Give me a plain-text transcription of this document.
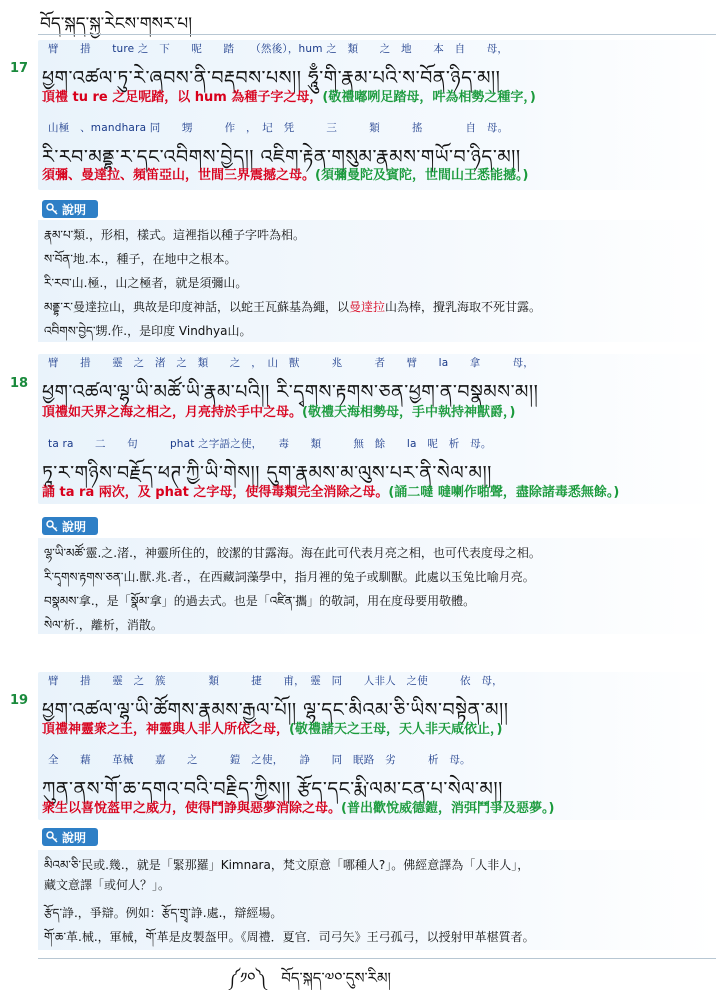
བོད་སྐད་སྐྱ་རེངས་གསར་པ།
17
臂　　措　　ture 之　下　　呢　　踏　　（然後），hum 之　類　　之　地　　本　自　　母，
ཕྱག་འཚལ་ཏུ་རེ་ཞབས་ནི་བརྡབས་པས།། ཧཱུྃ་གི་རྣམ་པའི་ས་བོན་ཉིད་མ།།
頂禮 tu re 之足呢踏，以 hum 為種子字之母，(敬禮嘟咧足踏母，吽為相勢之種字，)
山極　、mandhara 同　　甥　　　作　，　圮　凭　　　三　　　類　　　搖　　　　自　母。
རི་རབ་མནྡྷ་ར་དང་འབིགས་བྱེད།། འཇིག་རྟེན་གསུམ་རྣམས་གཡོ་བ་ཉིད་མ།།
須彌、曼達拉、頻笛亞山，世間三界震撼之母。(須彌曼陀及賓陀，世間山王悉能撼。)
說明
རྣམ་པ་類.，形相，樣式。這裡指以種子字吽為相。
ས་བོན་地.本.，種子，在地中之根本。
རི་རབ་山.極.，山之極者，就是須彌山。
མནྡྷ་ར་曼達拉山，典故是印度神話，以蛇王瓦蘇基為繩，以曼達拉山為棒，攪乳海取不死甘露。
འབིགས་བྱེད་甥.作.，是印度 Vindhya山。
18
臂　　措　　靈　之　渚　之　類　　之　，　山　獸　　　兆　　　者　　臂　　la　　拿　　　母，
ཕྱག་འཚལ་ལྷ་ཡི་མཚོ་ཡི་རྣམ་པའི།། རི་དྭགས་རྟགས་ཅན་ཕྱག་ན་བསྣམས་མ།།
頂禮如天界之海之相之，月亮持於手中之母。(敬禮天海相勢母，手中執持神獸爵，)
ta ra　　二　　句　　　phat 之字語之使，　　毒　　類　　　無　餘　　la　呢　析　母。
ཏཱ་ར་གཉིས་བརྗོད་ཕཊ་ཀྱི་ཡི་གེས།། དུག་རྣམས་མ་ལུས་པར་ནི་སེལ་མ།།
誦 ta ra 兩次，及 phat 之字母，使得毒類完全消除之母。(誦二噠 噠喇作啪聲，盡除諸毒悉無餘。)
說明
ལྷ་ཡི་མཚོ་靈.之.渚.，神靈所住的，皎潔的甘露海。海在此可代表月亮之相，也可代表度母之相。
རི་དྭགས་རྟགས་ཅན་山.獸.兆.者.，在西藏詞藻學中，指月裡的兔子或馴獸。此處以玉兔比喻月亮。
བསྣམས་拿.，是「སྣོམ་拿」的過去式。也是「འཛིན་攜」的敬詞，用在度母要用敬體。
སེལ་析.，離析，消散。
19
臂　　措　　靈　之　簇　　　　類　　　捷　　甫，　靈　同　　人非人　之使　　　依　母，
ཕྱག་འཚལ་ལྷ་ཡི་ཚོགས་རྣམས་རྒྱལ་པོ།། ལྷ་དང་མིའམ་ཅི་ཡིས་བསྟེན་མ།།
頂禮神靈衆之王，神靈與人非人所依之母，(敬禮諸天之王母，天人非天咸依止，)
全　　藉　　革械　　嘉　　之　　　鎧　之使，　　諍　　同　眠路　劣　　　析　母。
ཀུན་ནས་གོ་ཆ་དགའ་བའི་བརྗིད་ཀྱིས།། རྩོད་དང་རྨི་ལམ་ངན་པ་སེལ་མ།།
衆生以喜悅盔甲之威力，使得鬥諍與惡夢消除之母。(普出歡悅威德鎧，消弭鬥爭及惡夢。)
說明
མིའམ་ཅི་民或.幾.，就是「緊那羅」Kimnara，梵文原意「哪種人?」。佛經意譯為「人非人」，
藏文意譯「或何人？」。
རྩོད་諍.，爭辯。例如：རྩོད་གྲྭ་諍.處.，辯經場。
གོ་ཆ་革.械.，軍械，གོ་革是皮製盔甲。《周禮．夏官．司弓矢》王弓孤弓，以授射甲革椹質者。
༼༡༠༽　བོད་སྐད་༧༠་དུས་རིམ།
